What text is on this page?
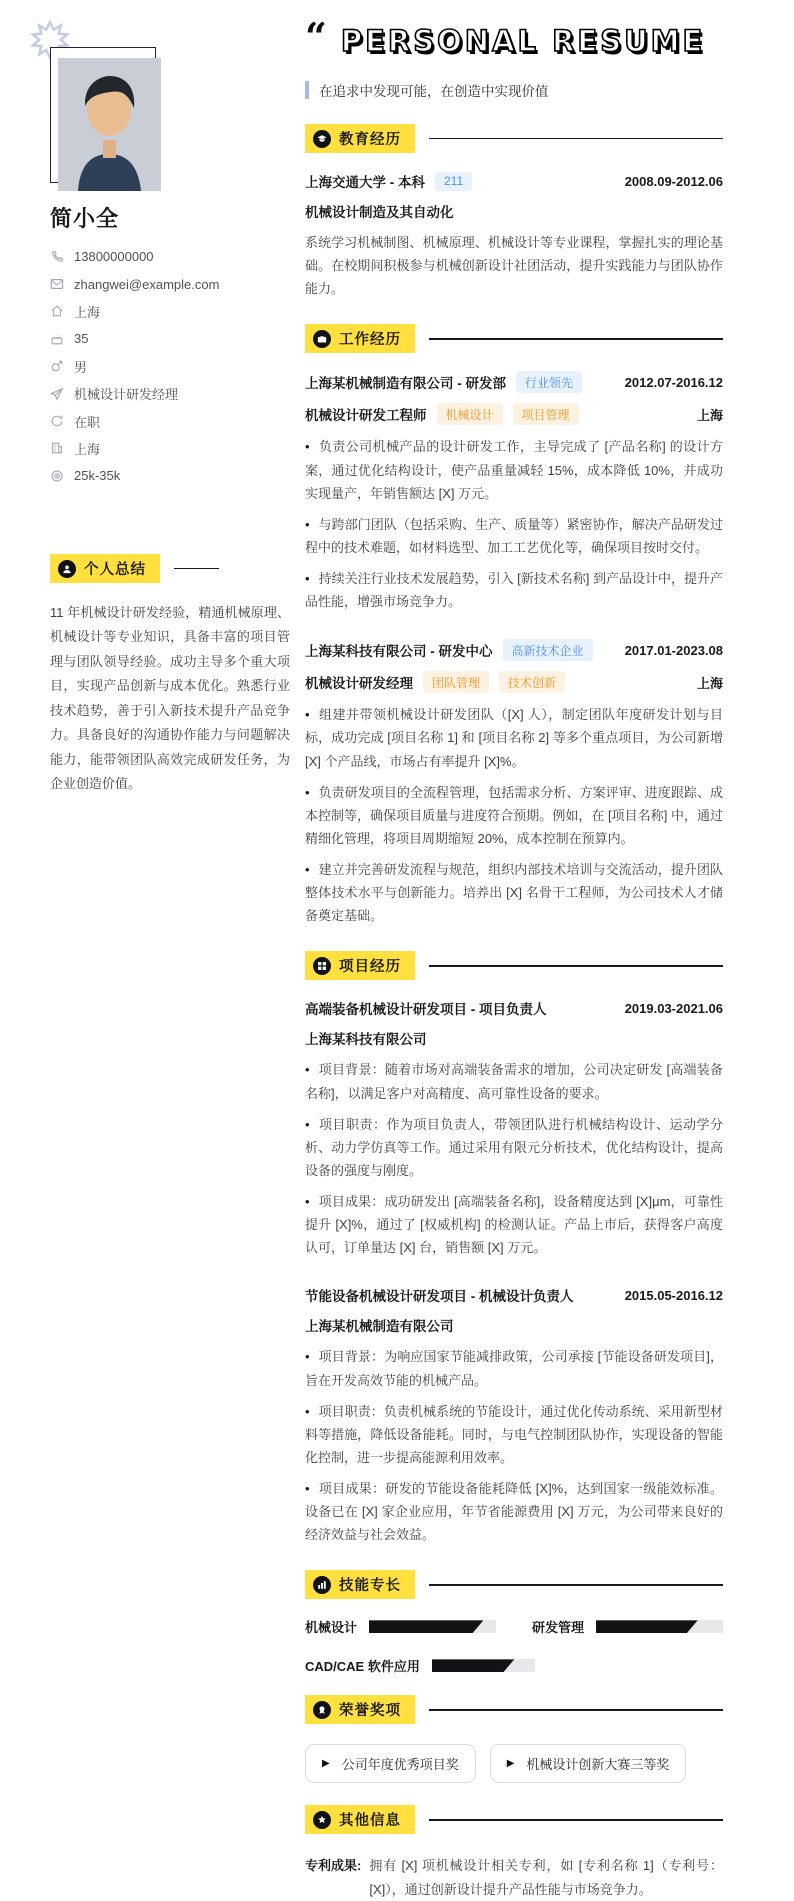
简小全
13800000000
zhangwei@example.com
上海
35
男
机械设计研发经理
在职
上海
25k-35k
个人总结

11 年机械设计研发经验，精通机械原理、机械设计等专业知识，具备丰富的项目管理与团队领导经验。成功主导多个重大项目，实现产品创新与成本优化。熟悉行业技术趋势，善于引入新技术提升产品竞争力。具备良好的沟通协作能力与问题解决能力，能带领团队高效完成研发任务，为企业创造价值。

“ PERSONAL RESUME
在追求中发现可能，在创造中实现价值
教育经历
上海交通大学 - 本科	211	2008.09-2012.06
机械设计制造及其自动化

系统学习机械制图、机械原理、机械设计等专业课程，掌握扎实的理论基础。在校期间积极参与机械创新设计社团活动，提升实践能力与团队协作能力。

工作经历
上海某机械制造有限公司 - 研发部	行业领先	2012.07-2016.12
机械设计研发工程师	机械设计	项目管理	上海

• 负责公司机械产品的设计研发工作，主导完成了 [产品名称] 的设计方案，通过优化结构设计，使产品重量减轻 15%，成本降低 10%，并成功实现量产，年销售额达 [X] 万元。

• 与跨部门团队（包括采购、生产、质量等）紧密协作，解决产品研发过程中的技术难题，如材料选型、加工工艺优化等，确保项目按时交付。

• 持续关注行业技术发展趋势，引入 [新技术名称] 到产品设计中，提升产品性能，增强市场竞争力。

上海某科技有限公司 - 研发中心	高新技术企业	2017.01-2023.08
机械设计研发经理	团队管理	技术创新	上海

• 组建并带领机械设计研发团队（[X] 人），制定团队年度研发计划与目标，成功完成 [项目名称 1] 和 [项目名称 2] 等多个重点项目，为公司新增 [X] 个产品线，市场占有率提升 [X]%。

• 负责研发项目的全流程管理，包括需求分析、方案评审、进度跟踪、成本控制等，确保项目质量与进度符合预期。例如，在 [项目名称] 中，通过精细化管理，将项目周期缩短 20%，成本控制在预算内。

• 建立并完善研发流程与规范，组织内部技术培训与交流活动，提升团队整体技术水平与创新能力。培养出 [X] 名骨干工程师，为公司技术人才储备奠定基础。

项目经历
高端装备机械设计研发项目 - 项目负责人	2019.03-2021.06
上海某科技有限公司

• 项目背景：随着市场对高端装备需求的增加，公司决定研发 [高端装备名称]，以满足客户对高精度、高可靠性设备的要求。

• 项目职责：作为项目负责人，带领团队进行机械结构设计、运动学分析、动力学仿真等工作。通过采用有限元分析技术，优化结构设计，提高设备的强度与刚度。

• 项目成果：成功研发出 [高端装备名称]，设备精度达到 [X]μm，可靠性提升 [X]%，通过了 [权威机构] 的检测认证。产品上市后，获得客户高度认可，订单量达 [X] 台，销售额 [X] 万元。

节能设备机械设计研发项目 - 机械设计负责人	2015.05-2016.12
上海某机械制造有限公司

• 项目背景：为响应国家节能减排政策，公司承接 [节能设备研发项目]，旨在开发高效节能的机械产品。

• 项目职责：负责机械系统的节能设计，通过优化传动系统、采用新型材料等措施，降低设备能耗。同时，与电气控制团队协作，实现设备的智能化控制，进一步提高能源利用效率。

• 项目成果：研发的节能设备能耗降低 [X]%，达到国家一级能效标准。设备已在 [X] 家企业应用，年节省能源费用 [X] 万元，为公司带来良好的经济效益与社会效益。

技能专长
机械设计	研发管理
CAD/CAE 软件应用
荣誉奖项
▶ 公司年度优秀项目奖	▶ 机械设计创新大赛三等奖
其他信息
专利成果: 拥有 [X] 项机械设计相关专利，如 [专利名称 1]（专利号：[X]），通过创新设计提升产品性能与市场竞争力。
